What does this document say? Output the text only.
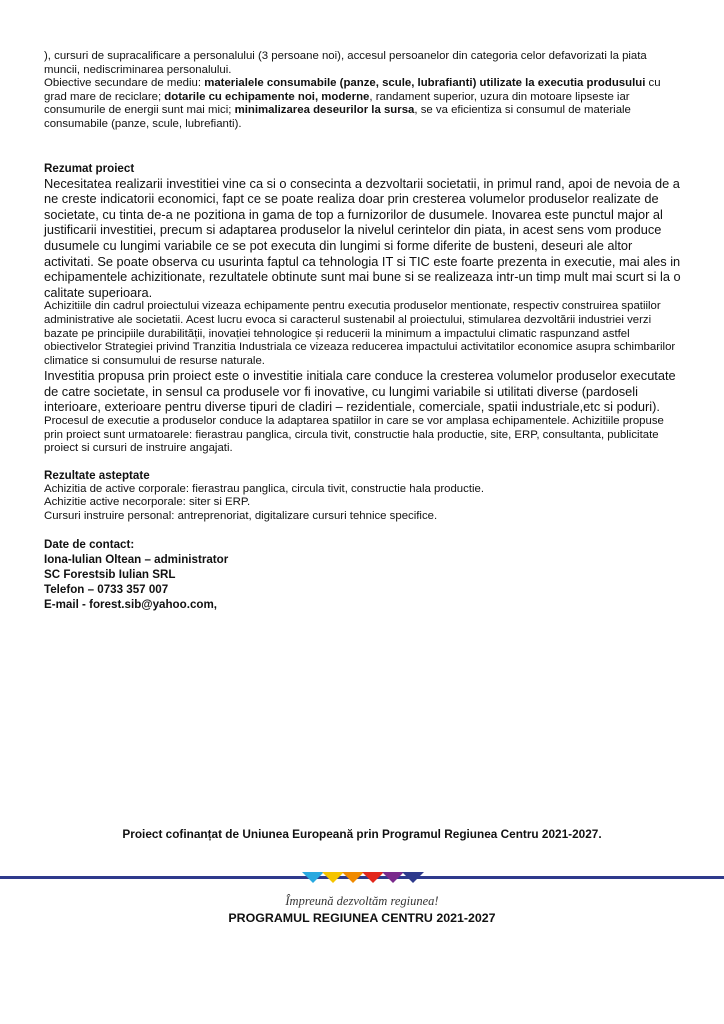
), cursuri de supracalificare a personalului (3 persoane noi), accesul persoanelor din categoria celor defavorizati la piata muncii, nediscriminarea personalului.

Obiective secundare de mediu: materialele consumabile (panze, scule, lubrafianti) utilizate la executia produsului cu grad mare de reciclare; dotarile cu echipamente noi, moderne, randament superior, uzura din motoare lipseste iar consumurile de energii sunt mai mici; minimalizarea deseurilor la sursa, se va eficientiza si consumul de materiale consumabile (panze, scule, lubrefianti).

Rezumat proiect

Necesitatea realizarii investitiei vine ca si o consecinta a dezvoltarii societatii, in primul rand, apoi de nevoia de a ne creste indicatorii economici, fapt ce se poate realiza doar prin cresterea volumelor produselor realizate de societate, cu tinta de-a ne pozitiona in gama de top a furnizorilor de dusumele. Inovarea este punctul major al justificarii investitiei, precum si adaptarea produselor la nivelul cerintelor din piata, in acest sens vom produce dusumele cu lungimi variabile ce se pot executa din lungimi si forme diferite de busteni, deseuri ale altor activitati. Se poate observa cu usurinta faptul ca tehnologia IT si TIC este foarte prezenta in executie, mai ales in echipamentele achizitionate, rezultatele obtinute sunt mai bune si se realizeaza intr-un timp mult mai scurt si la o calitate superioara.

Achizitiile din cadrul proiectului vizeaza echipamente pentru executia produselor mentionate, respectiv construirea spatiilor administrative ale societatii. Acest lucru evoca si caracterul sustenabil al proiectului, stimularea dezvoltării industriei verzi bazate pe principiile durabilității, inovației tehnologice și reducerii la minimum a impactului climatic raspunzand astfel obiectivelor Strategiei privind Tranzitia Industriala ce vizeaza reducerea impactului activitatilor economice asupra schimbarilor climatice si consumului de resurse naturale.

Investitia propusa prin proiect este o investitie initiala care conduce la cresterea volumelor produselor executate de catre societate, in sensul ca produsele vor fi inovative, cu lungimi variabile si utilitati diverse (pardoseli interioare, exterioare pentru diverse tipuri de cladiri – rezidentiale, comerciale, spatii industriale,etc si poduri).

Procesul de executie a produselor conduce la adaptarea spatiilor in care se vor amplasa echipamentele. Achizitiile propuse prin proiect sunt urmatoarele: fierastrau panglica, circula tivit, constructie hala productie, site, ERP, consultanta, publicitate proiect si cursuri de instruire angajati.

Rezultate asteptate

Achizitia de active corporale: fierastrau panglica, circula tivit, constructie hala productie.

Achizitie active necorporale: siter si ERP.

Cursuri instruire personal: antreprenoriat, digitalizare cursuri tehnice specifice.

Date de contact:

Iona-Iulian Oltean – administrator

SC Forestsib Iulian SRL

Telefon – 0733 357 007

E-mail - forest.sib@yahoo.com,

Proiect cofinanțat de Uniunea Europeană prin Programul Regiunea Centru 2021-2027.
Împreună dezvoltăm regiunea!
PROGRAMUL REGIUNEA CENTRU 2021-2027
